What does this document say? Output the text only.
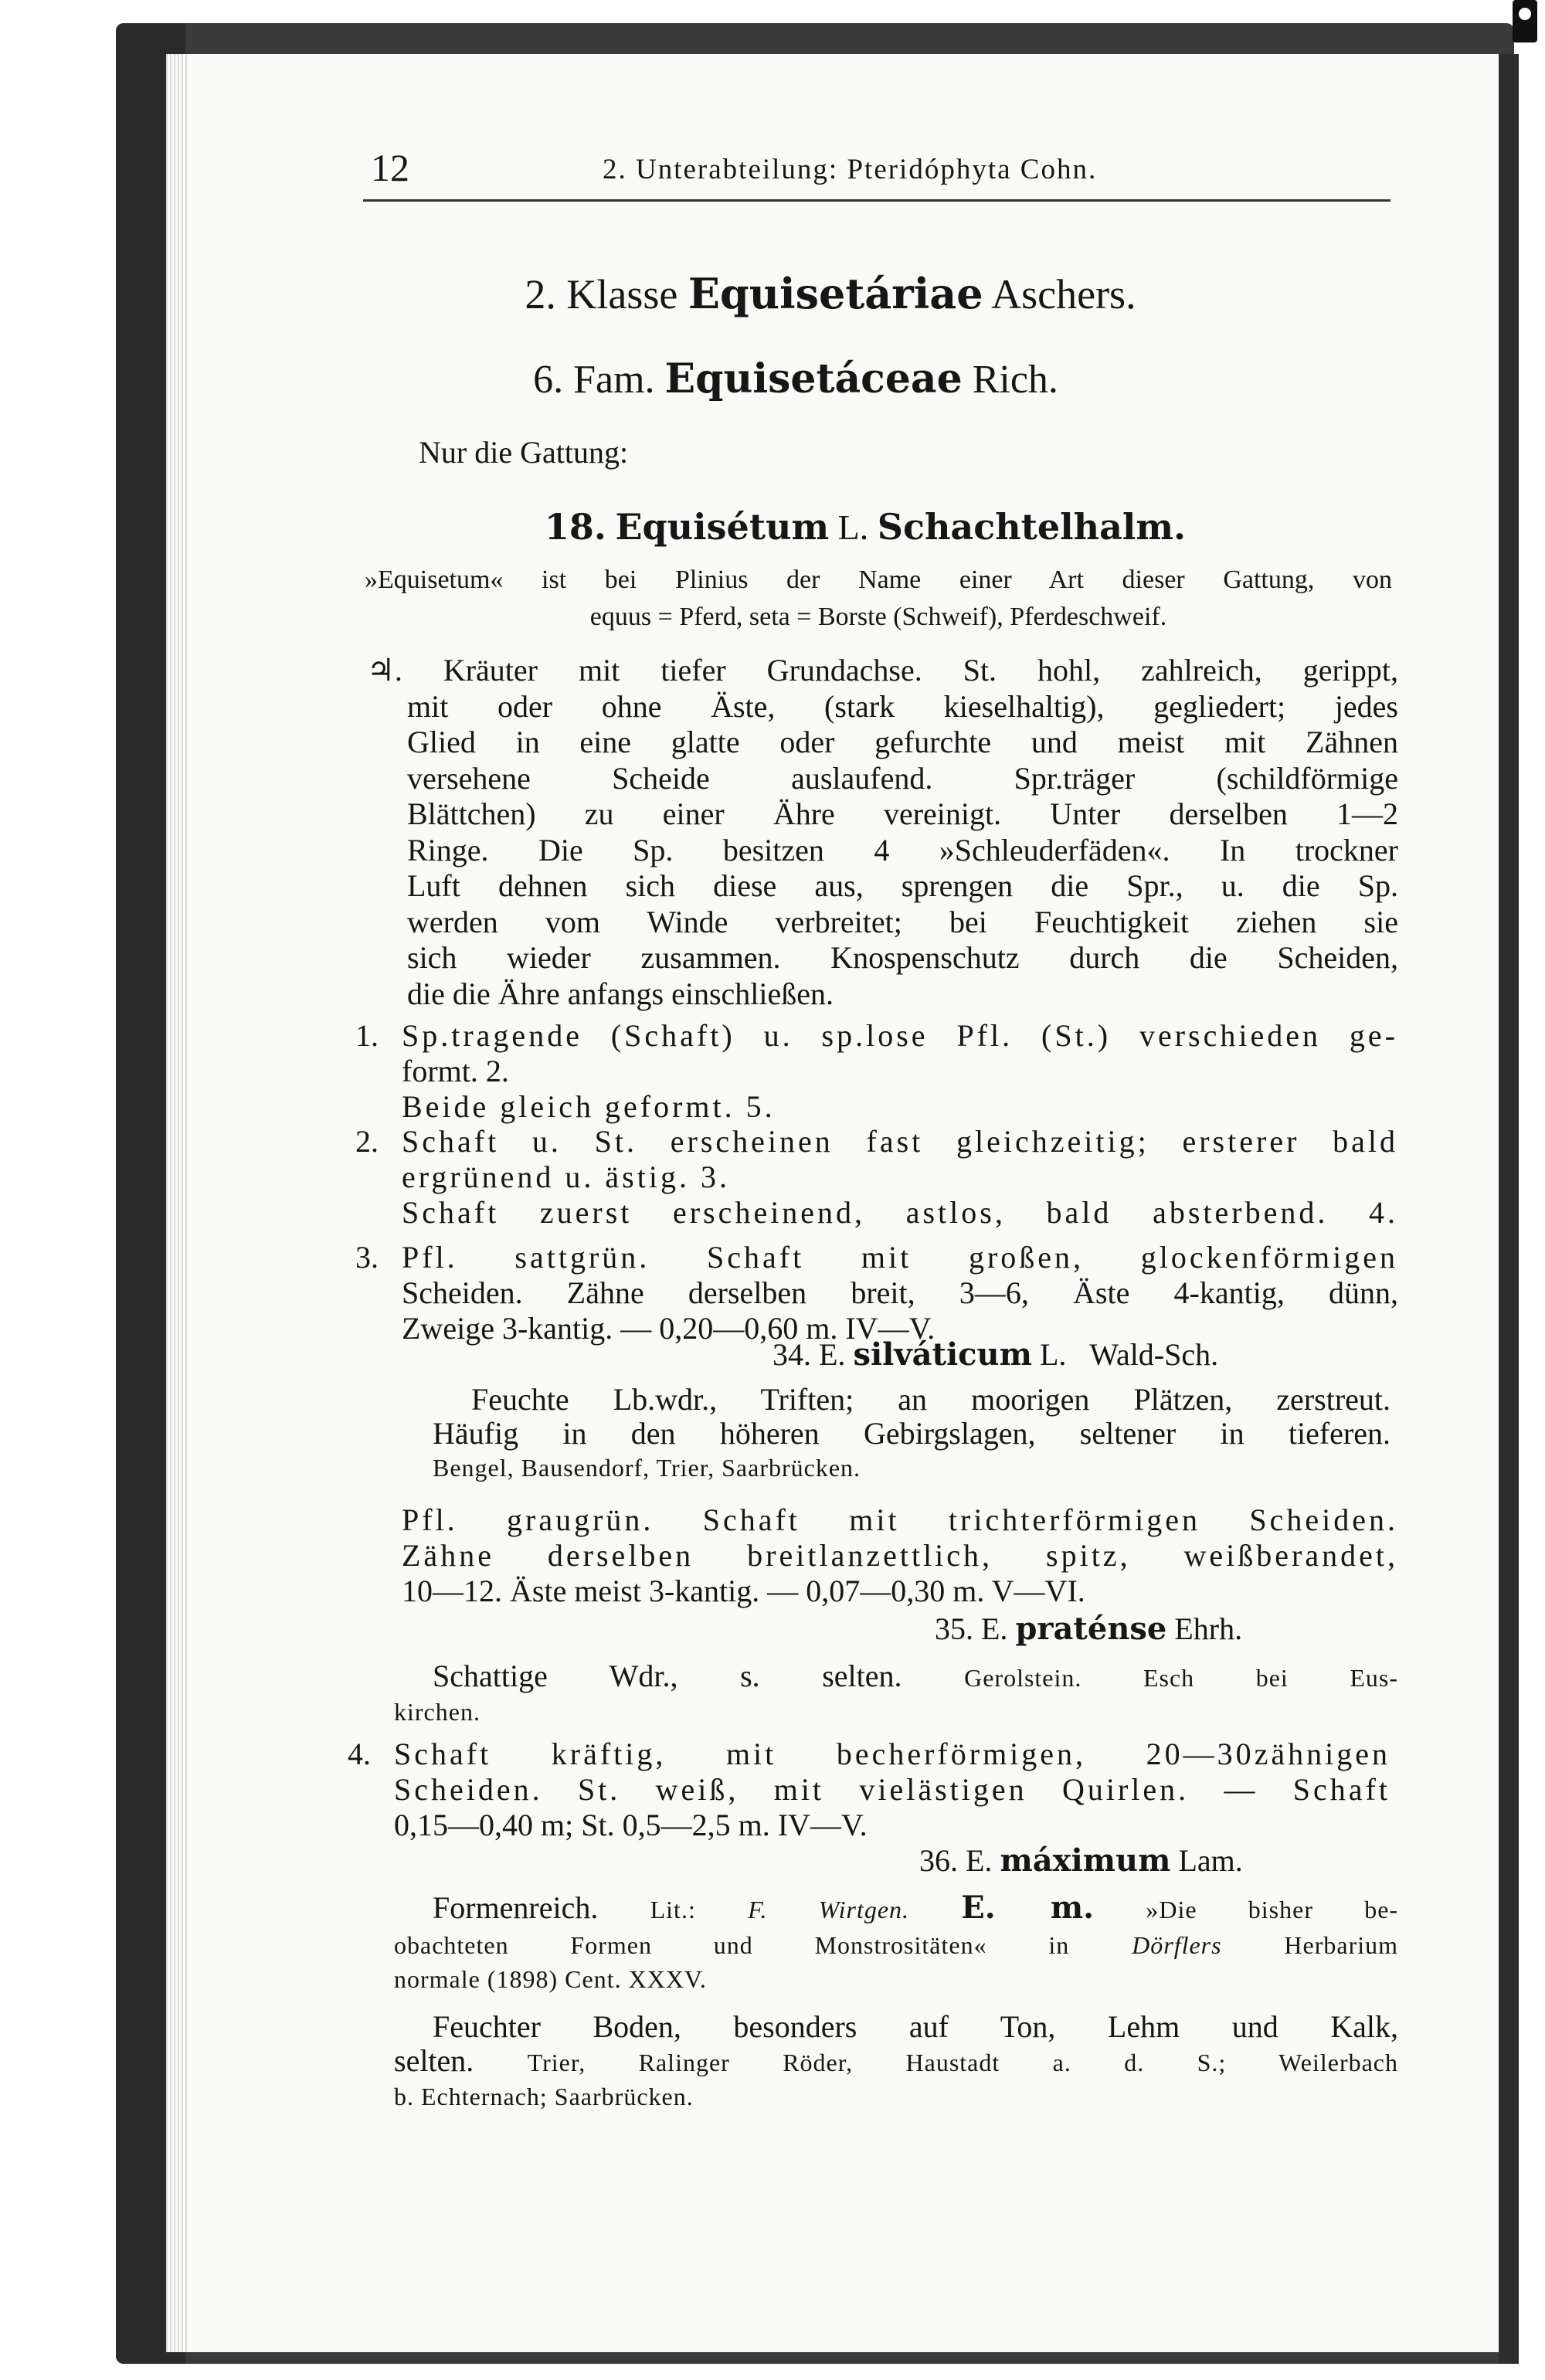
12	2. Unterabteilung: Pteridóphyta Cohn.
2. Klasse Equisetáriae Aschers.
6. Fam. Equisetáceae Rich.
Nur die Gattung:
18. Equisétum L. Schachtelhalm.
»Equisetum« ist bei Plinius der Name einer Art dieser Gattung, von
equus = Pferd, seta = Borste (Schweif), Pferdeschweif.
♃. Kräuter mit tiefer Grundachse. St. hohl, zahlreich, gerippt,
mit oder ohne Äste, (stark kieselhaltig), gegliedert; jedes
Glied in eine glatte oder gefurchte und meist mit Zähnen
versehene Scheide auslaufend. Spr.träger (schildförmige
Blättchen) zu einer Ähre vereinigt. Unter derselben 1—2
Ringe. Die Sp. besitzen 4 »Schleuderfäden«. In trockner
Luft dehnen sich diese aus, sprengen die Spr., u. die Sp.
werden vom Winde verbreitet; bei Feuchtigkeit ziehen sie
sich wieder zusammen. Knospenschutz durch die Scheiden,
die die Ähre anfangs einschließen.
1. Sp.tragende (Schaft) u. sp.lose Pfl. (St.) verschieden ge-
formt. 2.
Beide gleich geformt. 5.
2. Schaft u. St. erscheinen fast gleichzeitig; ersterer bald
ergrünend u. ästig. 3.
Schaft zuerst erscheinend, astlos, bald absterbend. 4.
3. Pfl. sattgrün. Schaft mit großen, glockenförmigen
Scheiden. Zähne derselben breit, 3—6, Äste 4-kantig, dünn,
Zweige 3-kantig. — 0,20—0,60 m. IV—V.
34. E. silváticum L. Wald-Sch.
Feuchte Lb.wdr., Triften; an moorigen Plätzen, zerstreut.
Häufig in den höheren Gebirgslagen, seltener in tieferen.
Bengel, Bausendorf, Trier, Saarbrücken.
Pfl. graugrün. Schaft mit trichterförmigen Scheiden.
Zähne derselben breitlanzettlich, spitz, weißberandet,
10—12. Äste meist 3-kantig. — 0,07—0,30 m. V—VI.
35. E. praténse Ehrh.
Schattige Wdr., s. selten.	Gerolstein. Esch bei Eus-
kirchen.
4. Schaft kräftig, mit becherförmigen, 20—30zähnigen
Scheiden. St. weiß, mit vielästigen Quirlen. — Schaft
0,15—0,40 m; St. 0,5—2,5 m. IV—V.
36. E. máximum Lam.
Formenreich. Lit.: F. Wirtgen. E. m. »Die bisher be-
obachteten Formen und Monstrositäten« in	Dörflers	Herbarium
normale (1898) Cent. XXXV.
Feuchter Boden, besonders auf Ton, Lehm und Kalk,
selten. Trier, Ralinger Röder, Haustadt a. d. S.; Weilerbach
b. Echternach; Saarbrücken.
